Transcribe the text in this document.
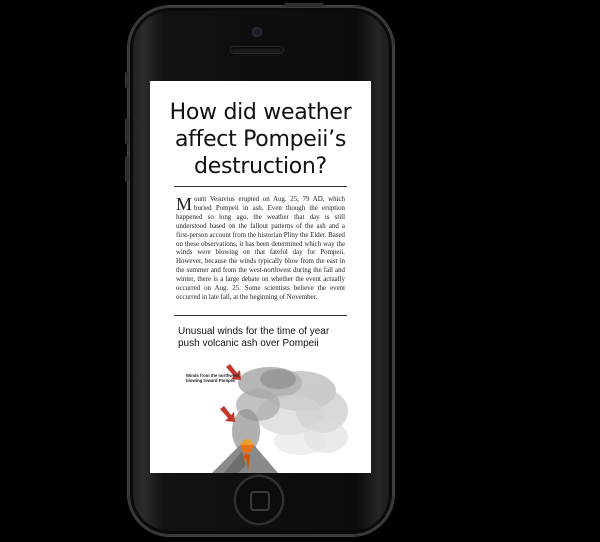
How did weather affect Pompeii’s destruction?
Mount Vesuvius erupted on Aug. 25, 79 AD, which buried Pompeii in ash. Even though the eruption happened so long ago, the weather that day is still understood based on the fallout patterns of the ash and a first-person account from the historian Pliny the Elder. Based on these observations, it has been determined which way the winds were blowing on that fateful day for Pompeii. However, because the winds typically blow from the east in the summer and from the west-northwest during the fall and winter, there is a large debate on whether the event actually occurred on Aug. 25. Some scientists believe the event occurred in late fall, at the beginning of November.
Unusual winds for the time of year push volcanic ash over Pompeii
Winds from the northwest, blowing toward Pompeii
